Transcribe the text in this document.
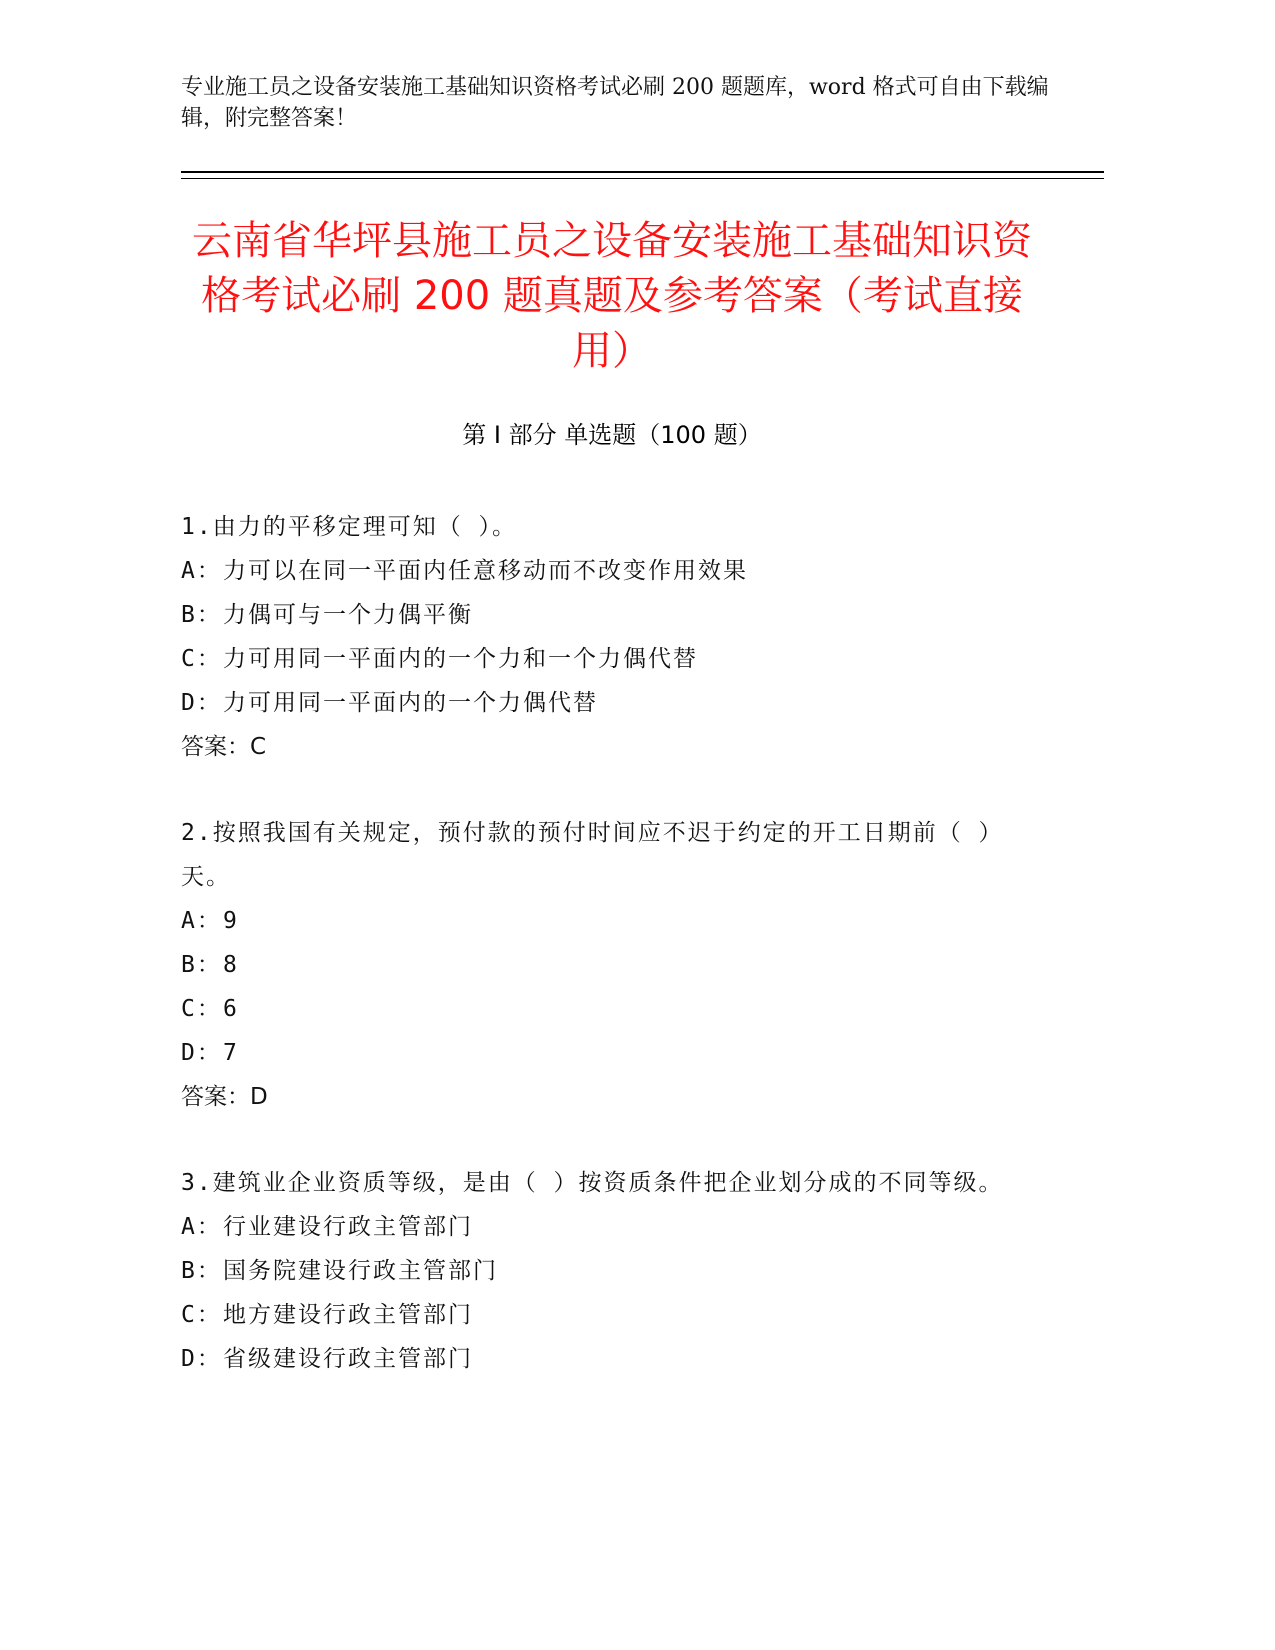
专业施工员之设备安装施工基础知识资格考试必刷 200 题题库，word 格式可自由下载编辑，附完整答案！
云南省华坪县施工员之设备安装施工基础知识资格考试必刷 200 题真题及参考答案（考试直接用）
第 I 部分 单选题（100 题）
1.由力的平移定理可知（ ）。
A：力可以在同一平面内任意移动而不改变作用效果
B：力偶可与一个力偶平衡
C：力可用同一平面内的一个力和一个力偶代替
D：力可用同一平面内的一个力偶代替
答案：C
2.按照我国有关规定，预付款的预付时间应不迟于约定的开工日期前（ ）天。
A：9
B：8
C：6
D：7
答案：D
3.建筑业企业资质等级，是由（ ）按资质条件把企业划分成的不同等级。
A：行业建设行政主管部门
B：国务院建设行政主管部门
C：地方建设行政主管部门
D：省级建设行政主管部门
